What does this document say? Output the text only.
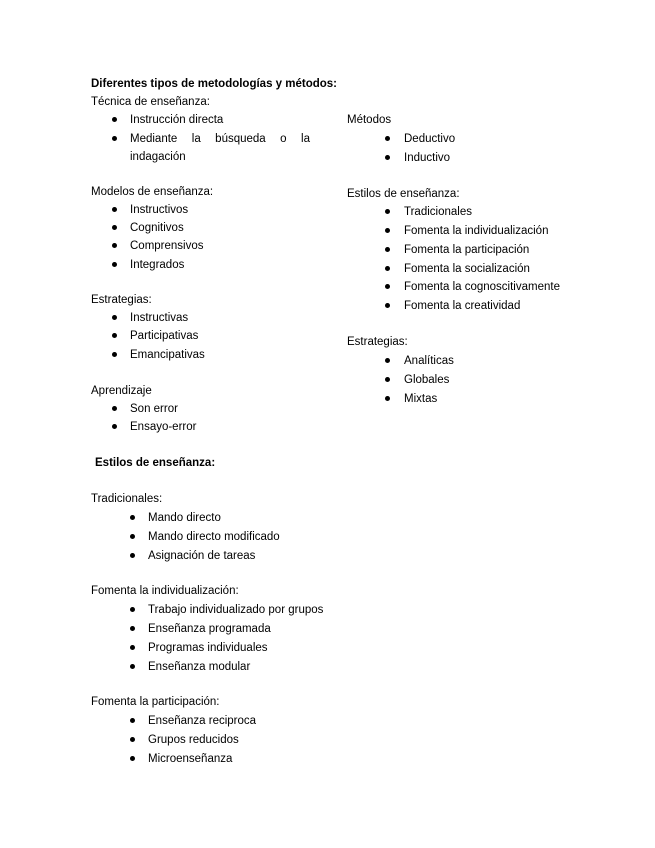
Diferentes tipos de metodologías y métodos:
Técnica de enseñanza:
Instrucción directa
Mediante la búsqueda o la
indagación
Modelos de enseñanza:
Instructivos
Cognitivos
Comprensivos
Integrados
Estrategias:
Instructivas
Participativas
Emancipativas
Aprendizaje
Son error
Ensayo-error
Métodos
Deductivo
Inductivo
Estilos de enseñanza:
Tradicionales
Fomenta la individualización
Fomenta la participación
Fomenta la socialización
Fomenta la cognoscitivamente
Fomenta la creatividad
Estrategias:
Analíticas
Globales
Mixtas
Estilos de enseñanza:
Tradicionales:
Mando directo
Mando directo modificado
Asignación de tareas
Fomenta la individualización:
Trabajo individualizado por grupos
Enseñanza programada
Programas individuales
Enseñanza modular
Fomenta la participación:
Enseñanza reciproca
Grupos reducidos
Microenseñanza
